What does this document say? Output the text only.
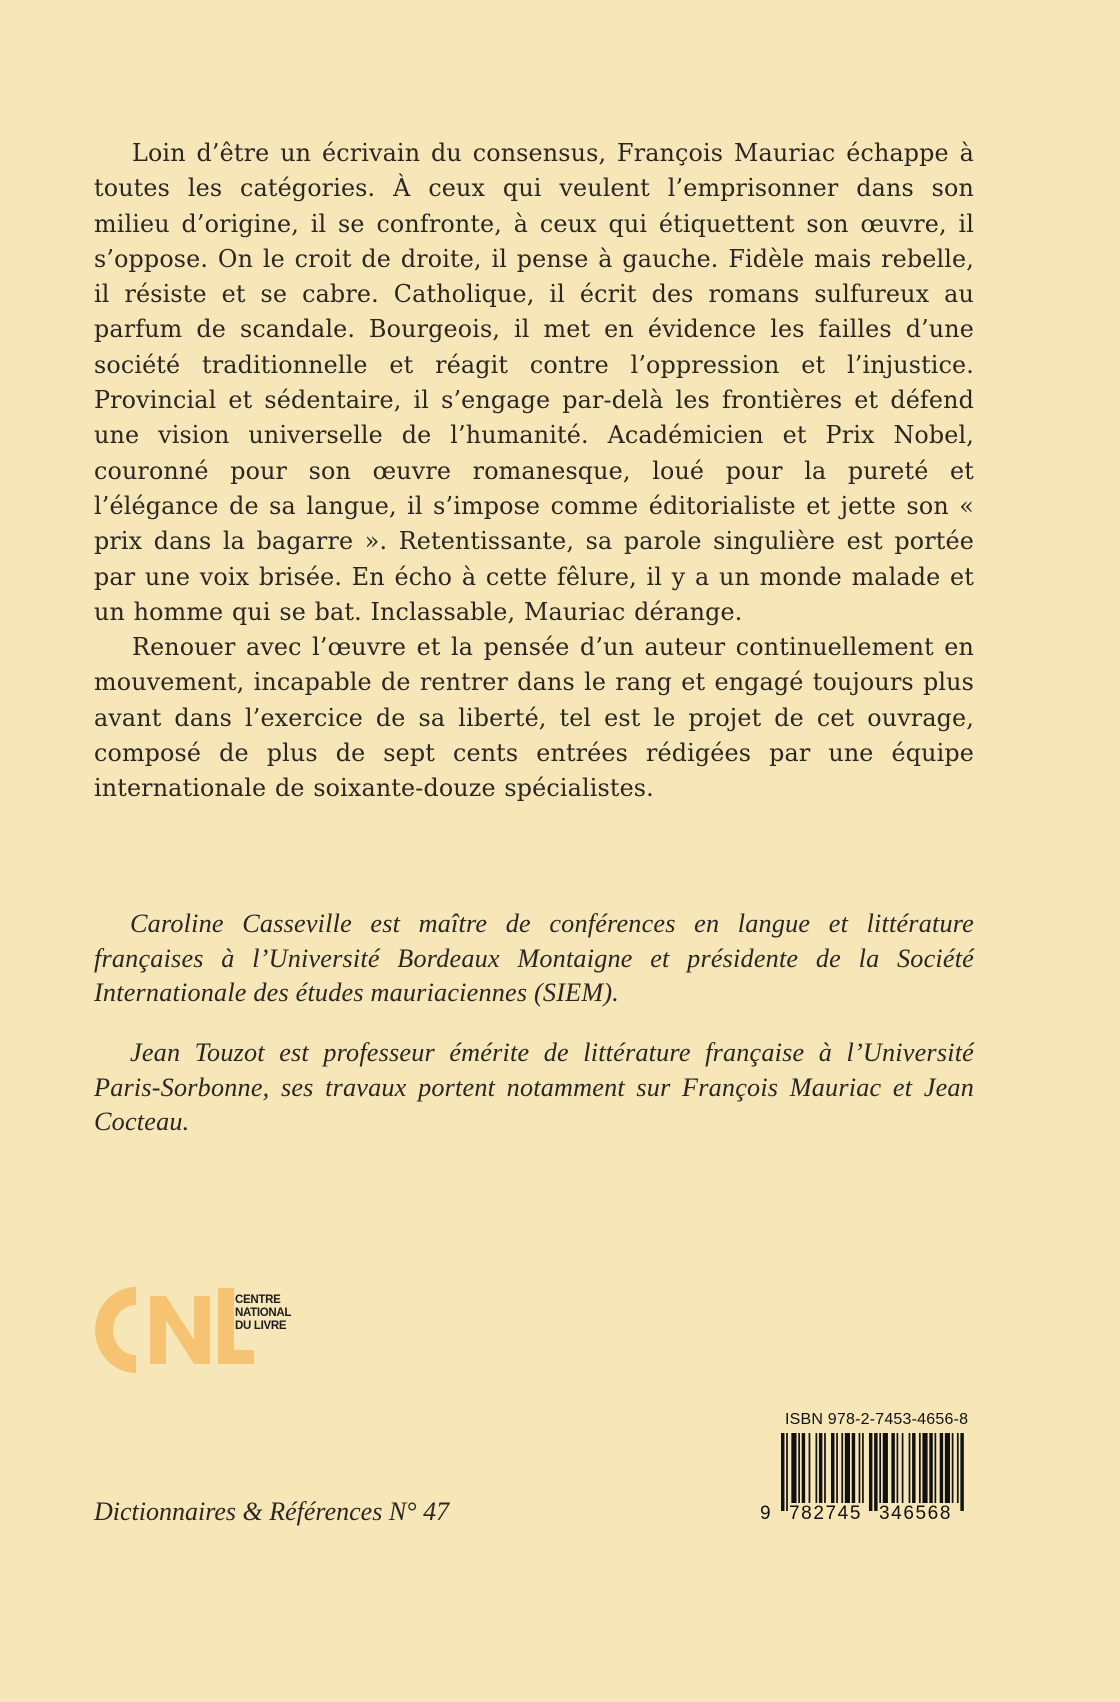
Loin d’être un écrivain du consensus, François Mauriac échappe à toutes les catégories. À ceux qui veulent l’emprisonner dans son milieu d’origine, il se confronte, à ceux qui étiquettent son œuvre, il s’oppose. On le croit de droite, il pense à gauche. Fidèle mais rebelle, il résiste et se cabre. Catholique, il écrit des romans sulfureux au parfum de scandale. Bourgeois, il met en évidence les failles d’une société traditionnelle et réagit contre l’oppression et l’injustice. Provincial et sédentaire, il s’engage par-delà les frontières et défend une vision universelle de l’humanité. Académicien et Prix Nobel, couronné pour son œuvre romanesque, loué pour la pureté et l’élégance de sa langue, il s’impose comme éditorialiste et jette son « prix dans la bagarre ». Retentissante, sa parole singulière est portée par une voix brisée. En écho à cette fêlure, il y a un monde malade et un homme qui se bat. Inclassable, Mauriac dérange.

Renouer avec l’œuvre et la pensée d’un auteur continuellement en mouvement, incapable de rentrer dans le rang et engagé toujours plus avant dans l’exercice de sa liberté, tel est le projet de cet ouvrage, composé de plus de sept cents entrées rédigées par une équipe internationale de soixante-douze spécialistes.

Caroline Casseville est maître de conférences en langue et littérature françaises à l’Université Bordeaux Montaigne et présidente de la Société Internationale des études mauriaciennes (SIEM).

Jean Touzot est professeur émérite de littérature française à l’Université Paris-Sorbonne, ses travaux portent notamment sur François Mauriac et Jean Cocteau.

CENTRE
NATIONAL
DU LIVRE
Dictionnaires & Références N° 47
ISBN 978-2-7453-4656-8
9 782745 346568
